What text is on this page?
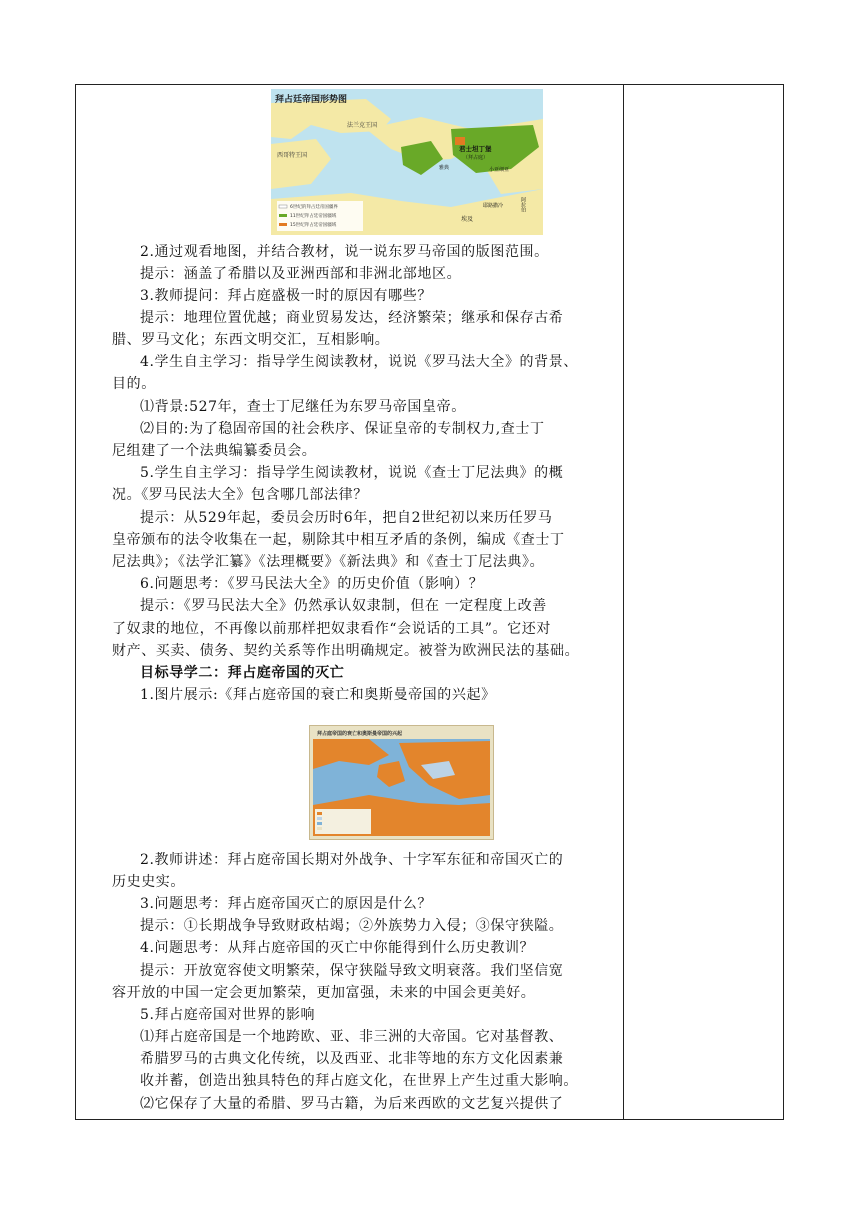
拜占廷帝国形势图
法兰克王国
西哥特王国
君士坦丁堡
（拜占庭）
小亚细亚
雅典
阿拉伯
耶路撒冷
埃及
6世纪的拜占廷帝国疆界
11世纪拜占廷帝国疆域
15世纪拜占廷帝国疆域
2.通过观看地图，并结合教材，说一说东罗马帝国的版图范围。
提示：涵盖了希腊以及亚洲西部和非洲北部地区。
3.教师提问：拜占庭盛极一时的原因有哪些？
提示：地理位置优越；商业贸易发达，经济繁荣；继承和保存古希
腊、罗马文化；东西文明交汇，互相影响。
4.学生自主学习：指导学生阅读教材，说说《罗马法大全》的背景、
目的。
⑴背景:527年，查士丁尼继任为东罗马帝国皇帝。
⑵目的:为了稳固帝国的社会秩序、保证皇帝的专制权力,查士丁
尼组建了一个法典编纂委员会。
5.学生自主学习：指导学生阅读教材，说说《查士丁尼法典》的概
况。《罗马民法大全》包含哪几部法律？
提示：从529年起，委员会历时6年，把自2世纪初以来历任罗马
皇帝颁布的法令收集在一起，剔除其中相互矛盾的条例，编成《查士丁
尼法典》；《法学汇纂》《法理概要》《新法典》和《查士丁尼法典》。
6.问题思考：《罗马民法大全》的历史价值（影响）？
提示：《罗马民法大全》仍然承认奴隶制，但在 一定程度上改善
了奴隶的地位，不再像以前那样把奴隶看作“会说话的工具”。它还对
财产、买卖、债务、契约关系等作出明确规定。被誉为欧洲民法的基础。
目标导学二：拜占庭帝国的灭亡
1.图片展示:《拜占庭帝国的衰亡和奥斯曼帝国的兴起》
拜占庭帝国的衰亡和奥斯曼帝国的兴起
2.教师讲述：拜占庭帝国长期对外战争、十字军东征和帝国灭亡的
历史史实。
3.问题思考：拜占庭帝国灭亡的原因是什么？
提示：①长期战争导致财政枯竭；②外族势力入侵；③保守狭隘。
4.问题思考：从拜占庭帝国的灭亡中你能得到什么历史教训？
提示：开放宽容使文明繁荣，保守狭隘导致文明衰落。我们坚信宽
容开放的中国一定会更加繁荣，更加富强，未来的中国会更美好。
5.拜占庭帝国对世界的影响
⑴拜占庭帝国是一个地跨欧、亚、非三洲的大帝国。它对基督教、
希腊罗马的古典文化传统，以及西亚、北非等地的东方文化因素兼
收并蓄，创造出独具特色的拜占庭文化，在世界上产生过重大影响。
⑵它保存了大量的希腊、罗马古籍，为后来西欧的文艺复兴提供了
